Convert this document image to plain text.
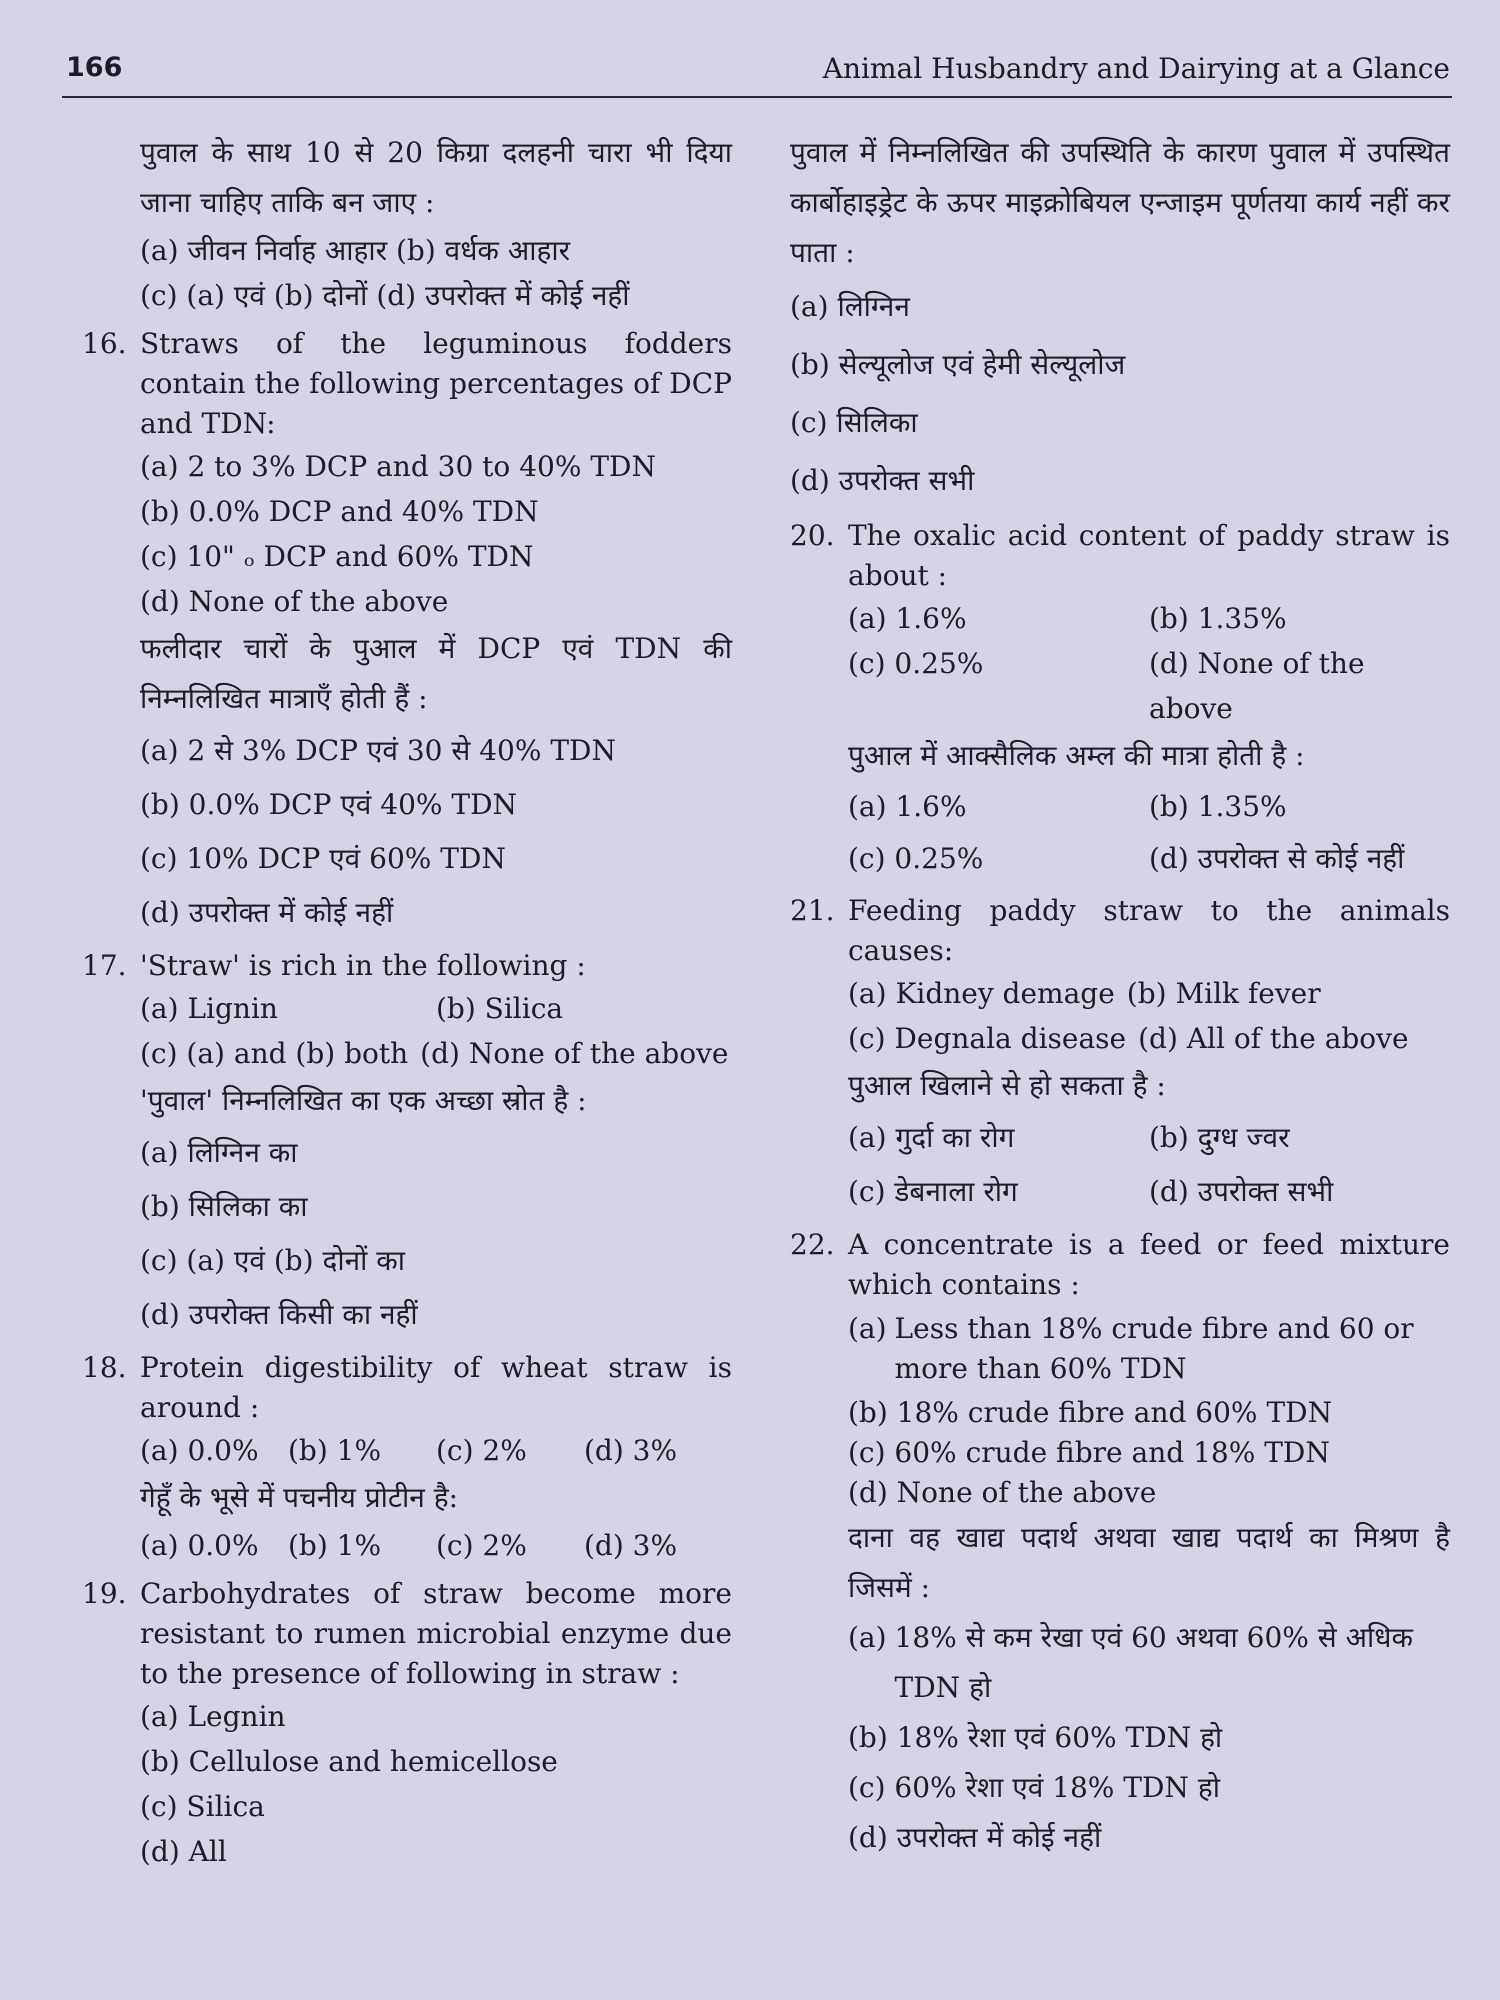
166	Animal Husbandry and Dairying at a Glance
पुवाल के साथ 10 से 20 किग्रा दलहनी चारा भी दिया जाना चाहिए ताकि बन जाए :
(a) जीवन निर्वाह आहार
(b) वर्धक आहार
(c) (a) एवं (b) दोनों
(d) उपरोक्त में कोई नहीं
16. Straws of the leguminous fodders contain the following percentages of DCP and TDN:
(a) 2 to 3% DCP and 30 to 40% TDN
(b) 0.0% DCP and 40% TDN
(c) 10" ₒ DCP and 60% TDN
(d) None of the above
फलीदार चारों के पुआल में DCP एवं TDN की निम्नलिखित मात्राएँ होती हैं :
(a) 2 से 3% DCP एवं 30 से 40% TDN
(b) 0.0% DCP एवं 40% TDN
(c) 10% DCP एवं 60% TDN
(d) उपरोक्त में कोई नहीं
17. 'Straw' is rich in the following :
(a) Lignin	(b) Silica
(c) (a) and (b) both (d) None of the above
'पुवाल' निम्नलिखित का एक अच्छा स्रोत है :
(a) लिग्निन का
(b) सिलिका का
(c) (a) एवं (b) दोनों का
(d) उपरोक्त किसी का नहीं
18. Protein digestibility of wheat straw is around :
(a) 0.0%	(b) 1%	(c) 2%	(d) 3%
गेहूँ के भूसे में पचनीय प्रोटीन है:
(a) 0.0%	(b) 1%	(c) 2%	(d) 3%
19. Carbohydrates of straw become more resistant to rumen microbial enzyme due to the presence of following in straw :
(a) Legnin
(b) Cellulose and hemicellose
(c) Silica
(d) All
पुवाल में निम्नलिखित की उपस्थिति के कारण पुवाल में उपस्थित कार्बोहाइड्रेट के ऊपर माइक्रोबियल एन्जाइम पूर्णतया कार्य नहीं कर पाता :
(a) लिग्निन
(b) सेल्यूलोज एवं हेमी सेल्यूलोज
(c) सिलिका
(d) उपरोक्त सभी
20. The oxalic acid content of paddy straw is about :
(a) 1.6%	(b) 1.35%
(c) 0.25%	(d) None of the above
पुआल में आक्सैलिक अम्ल की मात्रा होती है :
(a) 1.6%	(b) 1.35%
(c) 0.25%	(d) उपरोक्त से कोई नहीं
21. Feeding paddy straw to the animals causes:
(a) Kidney demage (b) Milk fever
(c) Degnala disease (d) All of the above
पुआल खिलाने से हो सकता है :
(a) गुर्दा का रोग	(b) दुग्ध ज्वर
(c) डेबनाला रोग	(d) उपरोक्त सभी
22. A concentrate is a feed or feed mixture which contains :
(a) Less than 18% crude fibre and 60 or more than 60% TDN
(b) 18% crude fibre and 60% TDN
(c) 60% crude fibre and 18% TDN
(d) None of the above
दाना वह खाद्य पदार्थ अथवा खाद्य पदार्थ का मिश्रण है जिसमें :
(a) 18% से कम रेखा एवं 60 अथवा 60% से अधिक TDN हो
(b) 18% रेशा एवं 60% TDN हो
(c) 60% रेशा एवं 18% TDN हो
(d) उपरोक्त में कोई नहीं
